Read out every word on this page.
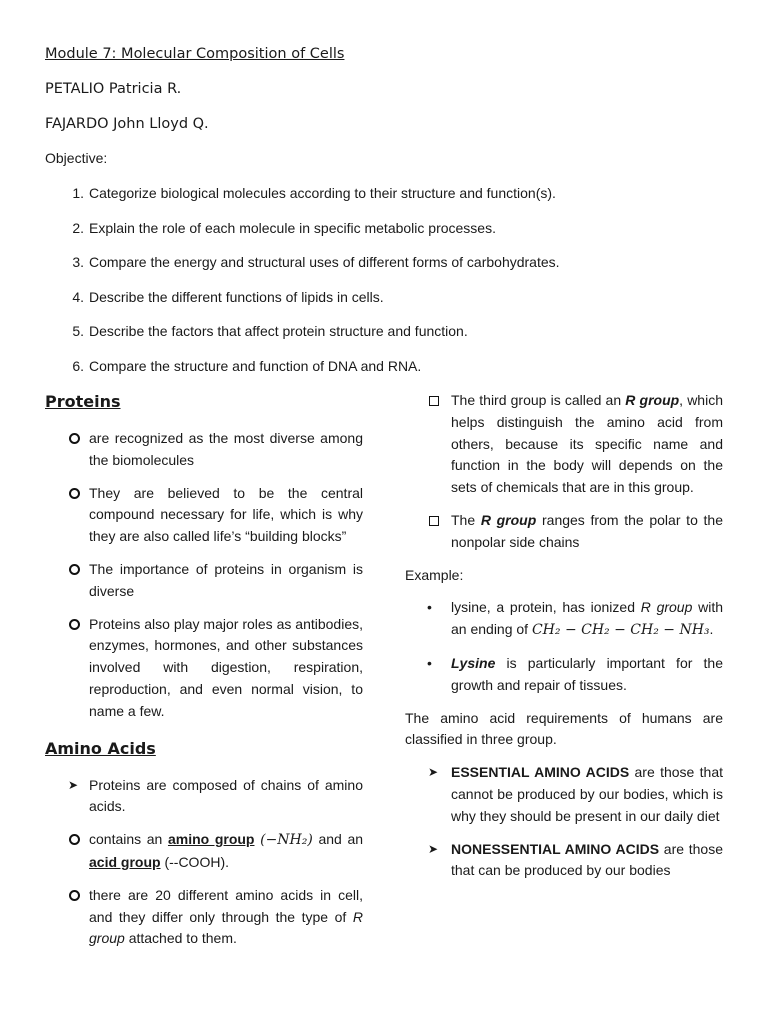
Module 7: Molecular Composition of Cells
PETALIO Patricia R.
FAJARDO John Lloyd Q.
Objective:
1. Categorize biological molecules according to their structure and function(s).
2. Explain the role of each molecule in specific metabolic processes.
3. Compare the energy and structural uses of different forms of carbohydrates.
4. Describe the different functions of lipids in cells.
5. Describe the factors that affect protein structure and function.
6. Compare the structure and function of DNA and RNA.
Proteins
are recognized as the most diverse among the biomolecules
They are believed to be the central compound necessary for life, which is why they are also called life’s “building blocks”
The importance of proteins in organism is diverse
Proteins also play major roles as antibodies, enzymes, hormones, and other substances involved with digestion, respiration, reproduction, and even normal vision, to name a few.
Amino Acids
➤ Proteins are composed of chains of amino acids.
contains an amino group (−NH₂) and an acid group (--COOH).
there are 20 different amino acids in cell, and they differ only through the type of R group attached to them.
The third group is called an R group, which helps distinguish the amino acid from others, because its specific name and function in the body will depends on the sets of chemicals that are in this group.
The R group ranges from the polar to the nonpolar side chains
Example:
• lysine, a protein, has ionized R group with an ending of CH₂ − CH₂ − CH₂ − NH₃.
• Lysine is particularly important for the growth and repair of tissues.
The amino acid requirements of humans are classified in three group.
➤ ESSENTIAL AMINO ACIDS are those that cannot be produced by our bodies, which is why they should be present in our daily diet
➤ NONESSENTIAL AMINO ACIDS are those that can be produced by our bodies
